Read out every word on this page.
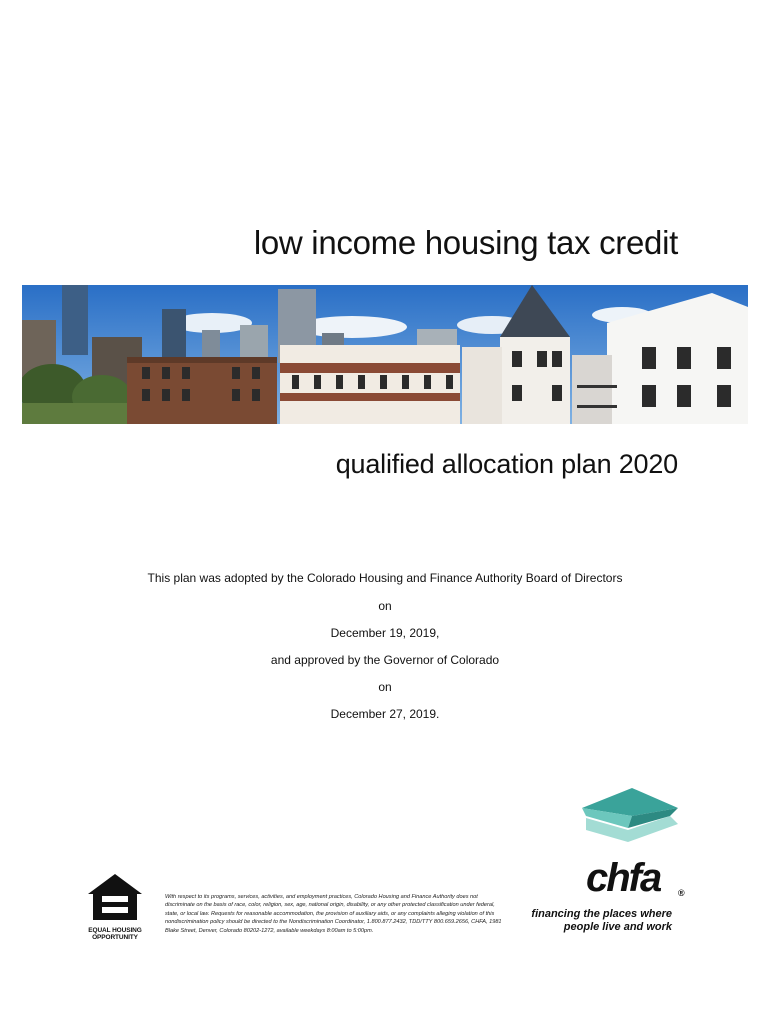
low income housing tax credit
qualified allocation plan 2020
This plan was adopted by the Colorado Housing and Finance Authority Board of Directors
on
December 19, 2019,
and approved by the Governor of Colorado
on
December 27, 2019.
EQUAL HOUSING
OPPORTUNITY
With respect to its programs, services, activities, and employment practices, Colorado Housing and Finance Authority does not discriminate on the basis of race, color, religion, sex, age, national origin, disability, or any other protected classification under federal, state, or local law. Requests for reasonable accommodation, the provision of auxiliary aids, or any complaints alleging violation of this nondiscrimination policy should be directed to the Nondiscrimination Coordinator, 1.800.877.2432, TDD/TTY 800.659.2656, CHFA, 1981 Blake Street, Denver, Colorado 80202-1272, available weekdays 8:00am to 5:00pm.
chfa ®
financing the places where
people live and work
